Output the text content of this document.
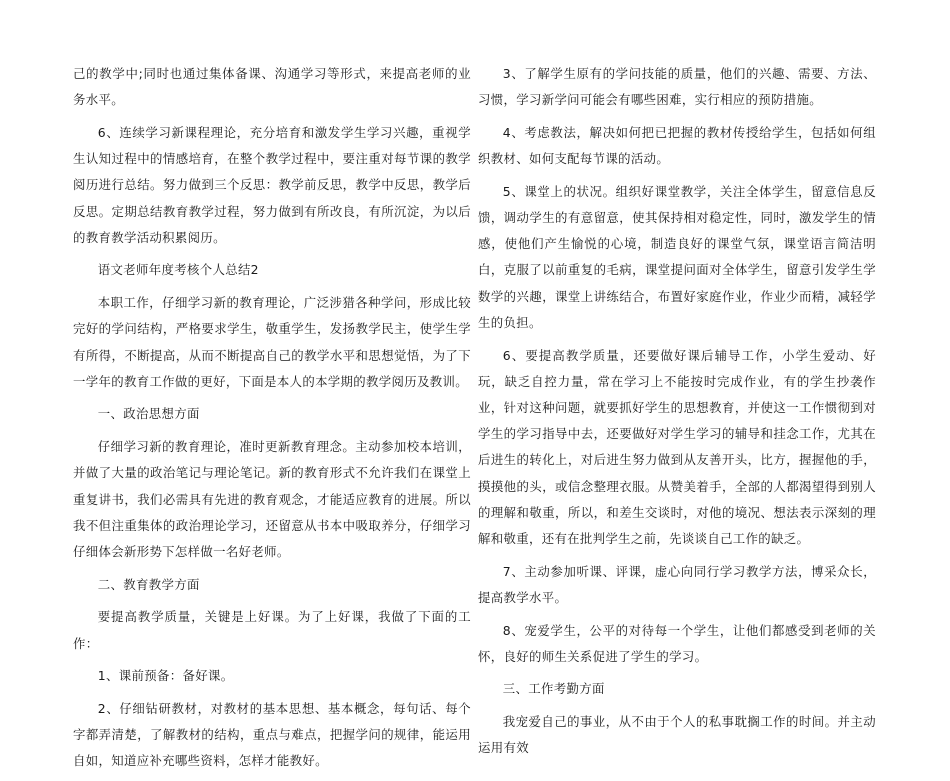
己的教学中;同时也通过集体备课、沟通学习等形式，来提高老师的业务水平。

6、连续学习新课程理论，充分培育和激发学生学习兴趣，重视学生认知过程中的情感培育，在整个教学过程中，要注重对每节课的教学阅历进行总结。努力做到三个反思：教学前反思，教学中反思，教学后反思。定期总结教育教学过程，努力做到有所改良，有所沉淀，为以后的教育教学活动积累阅历。

语文老师年度考核个人总结2

本职工作，仔细学习新的教育理论，广泛涉猎各种学问，形成比较完好的学问结构，严格要求学生，敬重学生，发扬教学民主，使学生学有所得，不断提高，从而不断提高自己的教学水平和思想觉悟，为了下一学年的教育工作做的更好，下面是本人的本学期的教学阅历及教训。

一、政治思想方面

仔细学习新的教育理论，准时更新教育理念。主动参加校本培训，并做了大量的政治笔记与理论笔记。新的教育形式不允许我们在课堂上重复讲书，我们必需具有先进的教育观念，才能适应教育的进展。所以我不但注重集体的政治理论学习，还留意从书本中吸取养分，仔细学习仔细体会新形势下怎样做一名好老师。

二、教育教学方面

要提高教学质量，关键是上好课。为了上好课，我做了下面的工作：

1、课前预备：备好课。

2、仔细钻研教材，对教材的基本思想、基本概念，每句话、每个字都弄清楚，了解教材的结构，重点与难点，把握学问的规律，能运用自如，知道应补充哪些资料，怎样才能教好。

3、了解学生原有的学问技能的质量，他们的兴趣、需要、方法、习惯，学习新学问可能会有哪些困难，实行相应的预防措施。

4、考虑教法，解决如何把已把握的教材传授给学生，包括如何组织教材、如何支配每节课的活动。

5、课堂上的状况。组织好课堂教学，关注全体学生，留意信息反馈，调动学生的有意留意，使其保持相对稳定性，同时，激发学生的情感，使他们产生愉悦的心境，制造良好的课堂气氛，课堂语言简洁明白，克服了以前重复的毛病，课堂提问面对全体学生，留意引发学生学数学的兴趣，课堂上讲练结合，布置好家庭作业，作业少而精，减轻学生的负担。

6、要提高教学质量，还要做好课后辅导工作，小学生爱动、好玩，缺乏自控力量，常在学习上不能按时完成作业，有的学生抄袭作业，针对这种问题，就要抓好学生的思想教育，并使这一工作惯彻到对学生的学习指导中去，还要做好对学生学习的辅导和挂念工作，尤其在后进生的转化上，对后进生努力做到从友善开头，比方，握握他的手，摸摸他的头，或信念整理衣服。从赞美着手，全部的人都渴望得到别人的理解和敬重，所以，和差生交谈时，对他的境况、想法表示深刻的理解和敬重，还有在批判学生之前，先谈谈自己工作的缺乏。

7、主动参加听课、评课，虚心向同行学习教学方法，博采众长，提高教学水平。

8、宠爱学生，公平的对待每一个学生，让他们都感受到老师的关怀，良好的师生关系促进了学生的学习。

三、工作考勤方面

我宠爱自己的事业，从不由于个人的私事耽搁工作的时间。并主动运用有效
